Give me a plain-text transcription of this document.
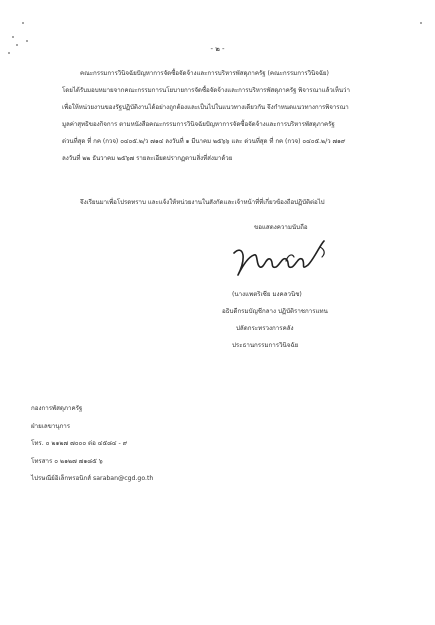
- ๒ -
คณะกรรมการวินิจฉัยปัญหาการจัดซื้อจัดจ้างและการบริหารพัสดุภาครัฐ (คณะกรรมการวินิจฉัย)
โดยได้รับมอบหมายจากคณะกรรมการนโยบายการจัดซื้อจัดจ้างและการบริหารพัสดุภาครัฐ พิจารณาแล้วเห็นว่า
เพื่อให้หน่วยงานของรัฐปฏิบัติงานได้อย่างถูกต้องและเป็นไปในแนวทางเดียวกัน จึงกำหนดแนวทางการพิจารณา
มูลค่าสุทธิของกิจการ ตามหนังสือคณะกรรมการวินิจฉัยปัญหาการจัดซื้อจัดจ้างและการบริหารพัสดุภาครัฐ
ด่วนที่สุด ที่ กค (กวจ) ๐๔๐๕.๒/ว ๗๑๔ ลงวันที่ ๑ มีนาคม ๒๕๖๖ และ ด่วนที่สุด ที่ กค (กวจ) ๐๔๐๕.๒/ว ๗๑๙
ลงวันที่ ๒๒ ธันวาคม ๒๕๖๗ รายละเอียดปรากฏตามสิ่งที่ส่งมาด้วย
จึงเรียนมาเพื่อโปรดทราบ และแจ้งให้หน่วยงานในสังกัดและเจ้าหน้าที่ที่เกี่ยวข้องถือปฏิบัติต่อไป
ขอแสดงความนับถือ
(นางแพตริเซีย มงคลวนิช)
อธิบดีกรมบัญชีกลาง ปฏิบัติราชการแทน
ปลัดกระทรวงการคลัง
ประธานกรรมการวินิจฉัย
กองการพัสดุภาครัฐ
ฝ่ายเลขานุการ
โทร. ๐ ๒๑๒๗ ๗๐๐๐ ต่อ ๔๕๘๔ - ๙
โทรสาร ๐ ๒๑๒๗ ๗๑๘๕ ๖
ไปรษณีย์อิเล็กทรอนิกส์ saraban@cgd.go.th
